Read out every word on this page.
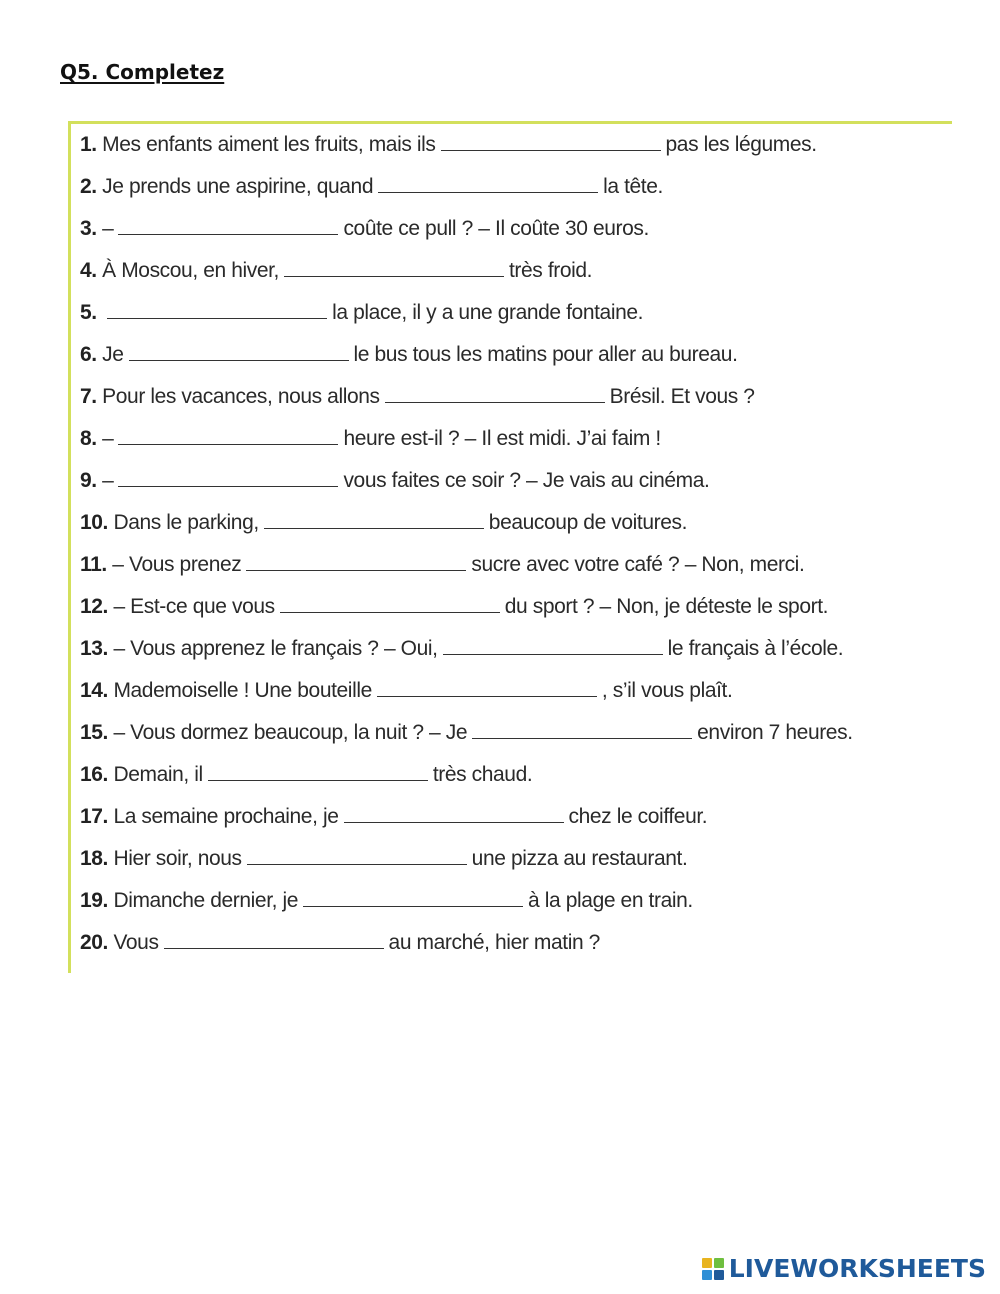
Q5. Completez
1. Mes enfants aiment les fruits, mais ils	pas les légumes.
2. Je prends une aspirine, quand	la tête.
3. –	coûte ce pull ? – Il coûte 30 euros.
4. À Moscou, en hiver,	très froid.
5.	la place, il y a une grande fontaine.
6. Je	le bus tous les matins pour aller au bureau.
7. Pour les vacances, nous allons	Brésil. Et vous ?
8. –	heure est-il ? – Il est midi. J’ai faim !
9. –	vous faites ce soir ? – Je vais au cinéma.
10. Dans le parking,	beaucoup de voitures.
11. – Vous prenez	sucre avec votre café ? – Non, merci.
12. – Est-ce que vous	du sport ? – Non, je déteste le sport.
13. – Vous apprenez le français ? – Oui,	le français à l’école.
14. Mademoiselle ! Une bouteille	, s’il vous plaît.
15. – Vous dormez beaucoup, la nuit ? – Je	environ 7 heures.
16. Demain, il	très chaud.
17. La semaine prochaine, je	chez le coiffeur.
18. Hier soir, nous	une pizza au restaurant.
19. Dimanche dernier, je	à la plage en train.
20. Vous	au marché, hier matin ?
LIVEWORKSHEETS
